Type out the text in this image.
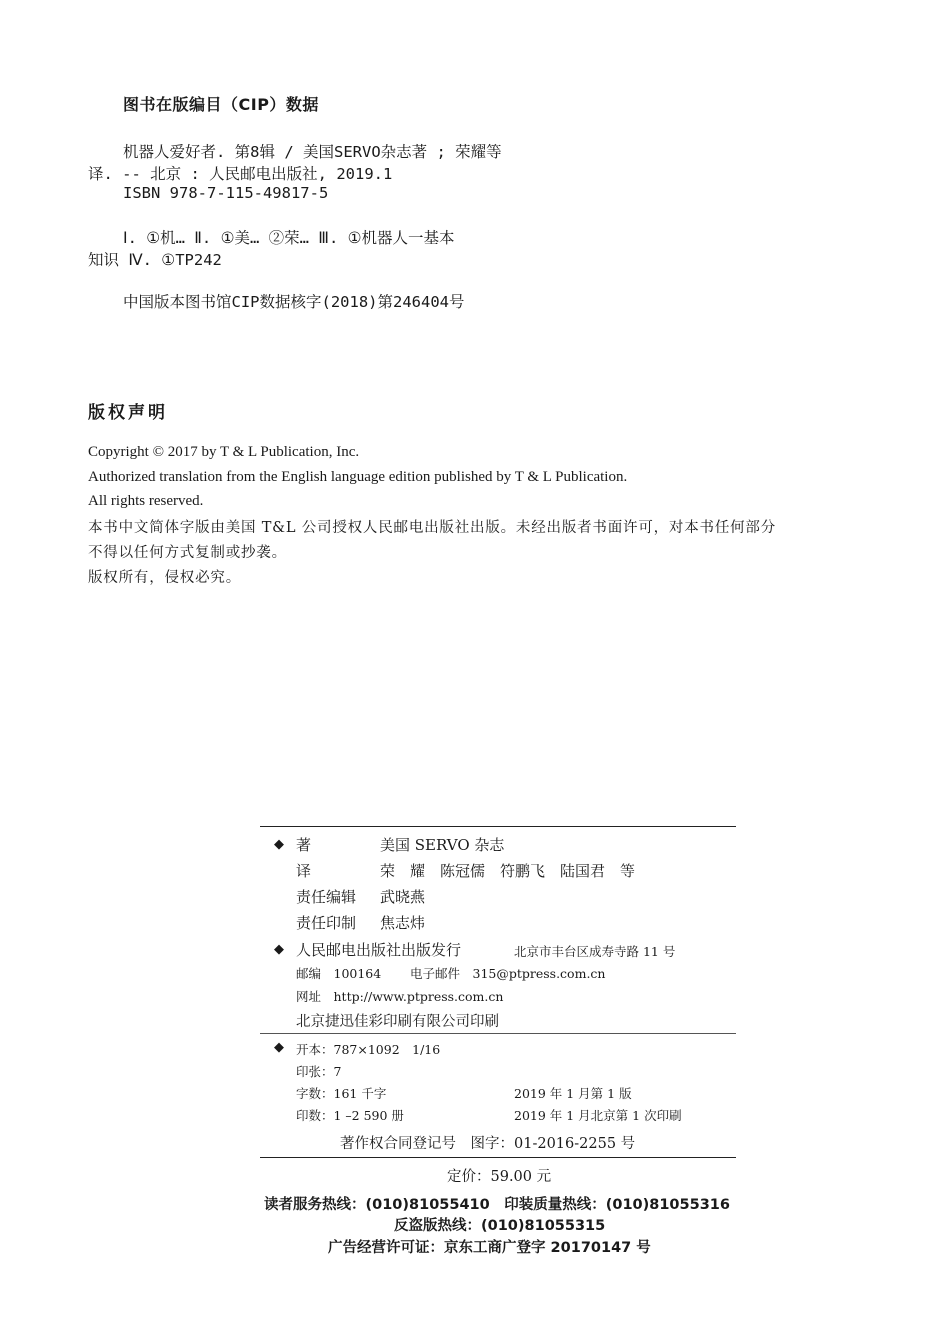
图书在版编目（CIP）数据
机器人爱好者. 第8辑 / 美国SERVO杂志著 ; 荣耀等
译. -- 北京 : 人民邮电出版社, 2019.1
ISBN 978-7-115-49817-5
Ⅰ. ①机… Ⅱ. ①美… ②荣… Ⅲ. ①机器人一基本
知识 Ⅳ. ①TP242
中国版本图书馆CIP数据核字(2018)第246404号
版权声明
Copyright © 2017 by T & L Publication, Inc.
Authorized translation from the English language edition published by T & L Publication.
All rights reserved.
本书中文简体字版由美国 T&L 公司授权人民邮电出版社出版。未经出版者书面许可，对本书任何部分
不得以任何方式复制或抄袭。
版权所有，侵权必究。
◆ 著	美国 SERVO 杂志
译	荣　耀　陈冠儒　符鹏飞　陆国君　等
责任编辑 武晓燕
责任印制 焦志炜
◆ 人民邮电出版社出版发行	北京市丰台区成寿寺路 11 号
邮编　100164 电子邮件　315@ptpress.com.cn
网址　http://www.ptpress.com.cn
北京捷迅佳彩印刷有限公司印刷
◆ 开本：787×1092　1/16
印张：7
字数：161 千字	2019 年 1 月第 1 版
印数：1 –2 590 册	2019 年 1 月北京第 1 次印刷
著作权合同登记号　图字：01-2016-2255 号
定价：59.00 元
读者服务热线：(010)81055410　印装质量热线：(010)81055316
反盗版热线：(010)81055315
广告经营许可证：京东工商广登字 20170147 号
